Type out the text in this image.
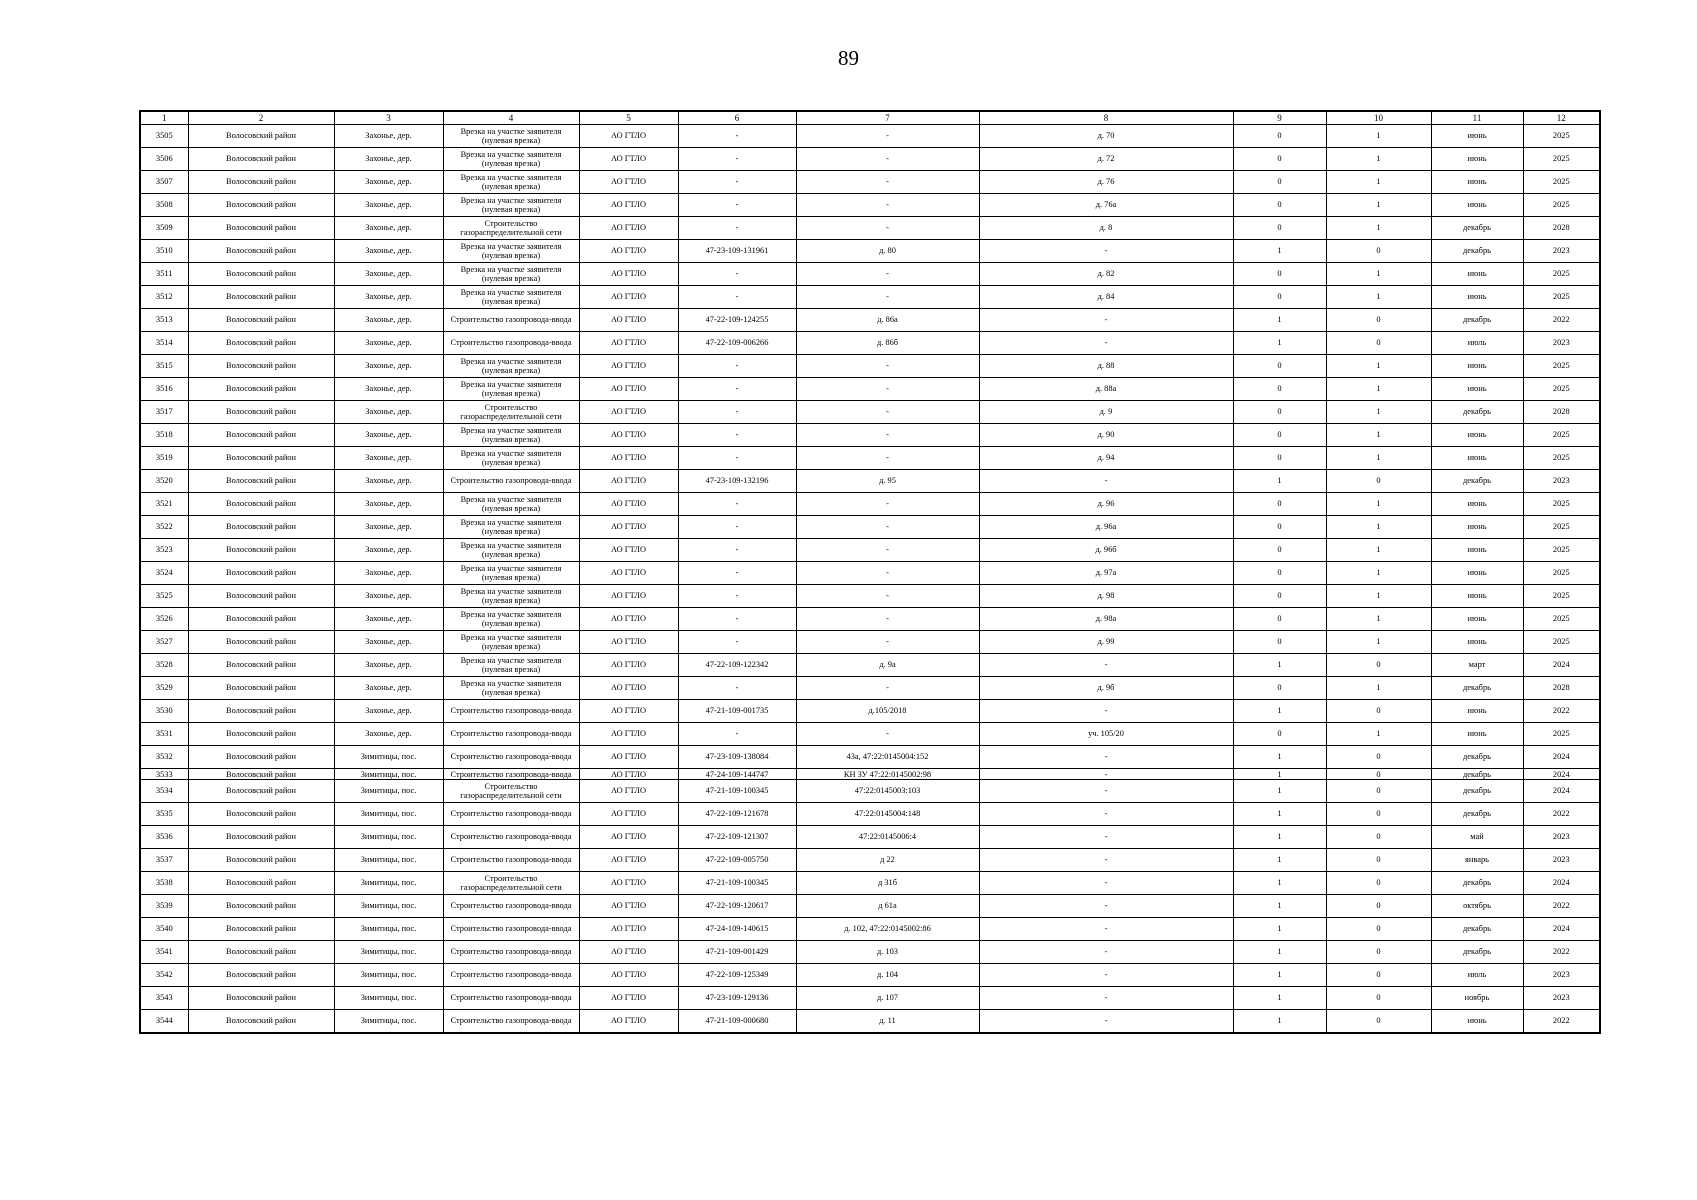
89
1	2	3	4	5	6	7	8	9	10	11	12
3505	Волосовский район	Захонье, дер.	Врезка на участке заявителя (нулевая врезка)	АО ГТЛО	-	-	д. 70	0	1	июнь	2025
3506	Волосовский район	Захонье, дер.	Врезка на участке заявителя (нулевая врезка)	АО ГТЛО	-	-	д. 72	0	1	июнь	2025
3507	Волосовский район	Захонье, дер.	Врезка на участке заявителя (нулевая врезка)	АО ГТЛО	-	-	д. 76	0	1	июнь	2025
3508	Волосовский район	Захонье, дер.	Врезка на участке заявителя (нулевая врезка)	АО ГТЛО	-	-	д. 76а	0	1	июнь	2025
3509	Волосовский район	Захонье, дер.	Строительство газораспределительной сети	АО ГТЛО	-	-	д. 8	0	1	декабрь	2028
3510	Волосовский район	Захонье, дер.	Врезка на участке заявителя (нулевая врезка)	АО ГТЛО	47-23-109-131961	д. 80	-	1	0	декабрь	2023
3511	Волосовский район	Захонье, дер.	Врезка на участке заявителя (нулевая врезка)	АО ГТЛО	-	-	д. 82	0	1	июнь	2025
3512	Волосовский район	Захонье, дер.	Врезка на участке заявителя (нулевая врезка)	АО ГТЛО	-	-	д. 84	0	1	июнь	2025
3513	Волосовский район	Захонье, дер.	Строительство газопровода-ввода	АО ГТЛО	47-22-109-124255	д. 86а	-	1	0	декабрь	2022
3514	Волосовский район	Захонье, дер.	Строительство газопровода-ввода	АО ГТЛО	47-22-109-006266	д. 86б	-	1	0	июль	2023
3515	Волосовский район	Захонье, дер.	Врезка на участке заявителя (нулевая врезка)	АО ГТЛО	-	-	д. 88	0	1	июнь	2025
3516	Волосовский район	Захонье, дер.	Врезка на участке заявителя (нулевая врезка)	АО ГТЛО	-	-	д. 88а	0	1	июнь	2025
3517	Волосовский район	Захонье, дер.	Строительство газораспределительной сети	АО ГТЛО	-	-	д. 9	0	1	декабрь	2028
3518	Волосовский район	Захонье, дер.	Врезка на участке заявителя (нулевая врезка)	АО ГТЛО	-	-	д. 90	0	1	июнь	2025
3519	Волосовский район	Захонье, дер.	Врезка на участке заявителя (нулевая врезка)	АО ГТЛО	-	-	д. 94	0	1	июнь	2025
3520	Волосовский район	Захонье, дер.	Строительство газопровода-ввода	АО ГТЛО	47-23-109-132196	д. 95	-	1	0	декабрь	2023
3521	Волосовский район	Захонье, дер.	Врезка на участке заявителя (нулевая врезка)	АО ГТЛО	-	-	д. 96	0	1	июнь	2025
3522	Волосовский район	Захонье, дер.	Врезка на участке заявителя (нулевая врезка)	АО ГТЛО	-	-	д. 96а	0	1	июнь	2025
3523	Волосовский район	Захонье, дер.	Врезка на участке заявителя (нулевая врезка)	АО ГТЛО	-	-	д. 96б	0	1	июнь	2025
3524	Волосовский район	Захонье, дер.	Врезка на участке заявителя (нулевая врезка)	АО ГТЛО	-	-	д. 97а	0	1	июнь	2025
3525	Волосовский район	Захонье, дер.	Врезка на участке заявителя (нулевая врезка)	АО ГТЛО	-	-	д. 98	0	1	июнь	2025
3526	Волосовский район	Захонье, дер.	Врезка на участке заявителя (нулевая врезка)	АО ГТЛО	-	-	д. 98а	0	1	июнь	2025
3527	Волосовский район	Захонье, дер.	Врезка на участке заявителя (нулевая врезка)	АО ГТЛО	-	-	д. 99	0	1	июнь	2025
3528	Волосовский район	Захонье, дер.	Врезка на участке заявителя (нулевая врезка)	АО ГТЛО	47-22-109-122342	д. 9а	-	1	0	март	2024
3529	Волосовский район	Захонье, дер.	Врезка на участке заявителя (нулевая врезка)	АО ГТЛО	-	-	д. 9б	0	1	декабрь	2028
3530	Волосовский район	Захонье, дер.	Строительство газопровода-ввода	АО ГТЛО	47-21-109-001735	д.105/2018	-	1	0	июнь	2022
3531	Волосовский район	Захонье, дер.	Строительство газопровода-ввода	АО ГТЛО	-	-	уч. 105/20	0	1	июнь	2025
3532	Волосовский район	Зимитицы, пос.	Строительство газопровода-ввода	АО ГТЛО	47-23-109-138084	43а, 47:22:0145004:152	-	1	0	декабрь	2024
3533	Волосовский район	Зимитицы, пос.	Строительство газопровода-ввода	АО ГТЛО	47-24-109-144747	КН ЗУ 47:22:0145002:98	-	1	0	декабрь	2024
3534	Волосовский район	Зимитицы, пос.	Строительство газораспределительной сети	АО ГТЛО	47-21-109-100345	47:22:0145003:103	-	1	0	декабрь	2024
3535	Волосовский район	Зимитицы, пос.	Строительство газопровода-ввода	АО ГТЛО	47-22-109-121678	47:22:0145004:148	-	1	0	декабрь	2022
3536	Волосовский район	Зимитицы, пос.	Строительство газопровода-ввода	АО ГТЛО	47-22-109-121307	47:22:0145006:4	-	1	0	май	2023
3537	Волосовский район	Зимитицы, пос.	Строительство газопровода-ввода	АО ГТЛО	47-22-109-005750	д 22	-	1	0	январь	2023
3538	Волосовский район	Зимитицы, пос.	Строительство газораспределительной сети	АО ГТЛО	47-21-109-100345	д 31б	-	1	0	декабрь	2024
3539	Волосовский район	Зимитицы, пос.	Строительство газопровода-ввода	АО ГТЛО	47-22-109-120617	д 61а	-	1	0	октябрь	2022
3540	Волосовский район	Зимитицы, пос.	Строительство газопровода-ввода	АО ГТЛО	47-24-109-140615	д. 102, 47:22:0145002:86	-	1	0	декабрь	2024
3541	Волосовский район	Зимитицы, пос.	Строительство газопровода-ввода	АО ГТЛО	47-21-109-001429	д. 103	-	1	0	декабрь	2022
3542	Волосовский район	Зимитицы, пос.	Строительство газопровода-ввода	АО ГТЛО	47-22-109-125349	д. 104	-	1	0	июль	2023
3543	Волосовский район	Зимитицы, пос.	Строительство газопровода-ввода	АО ГТЛО	47-23-109-129136	д. 107	-	1	0	ноябрь	2023
3544	Волосовский район	Зимитицы, пос.	Строительство газопровода-ввода	АО ГТЛО	47-21-109-000680	д. 11	-	1	0	июнь	2022
